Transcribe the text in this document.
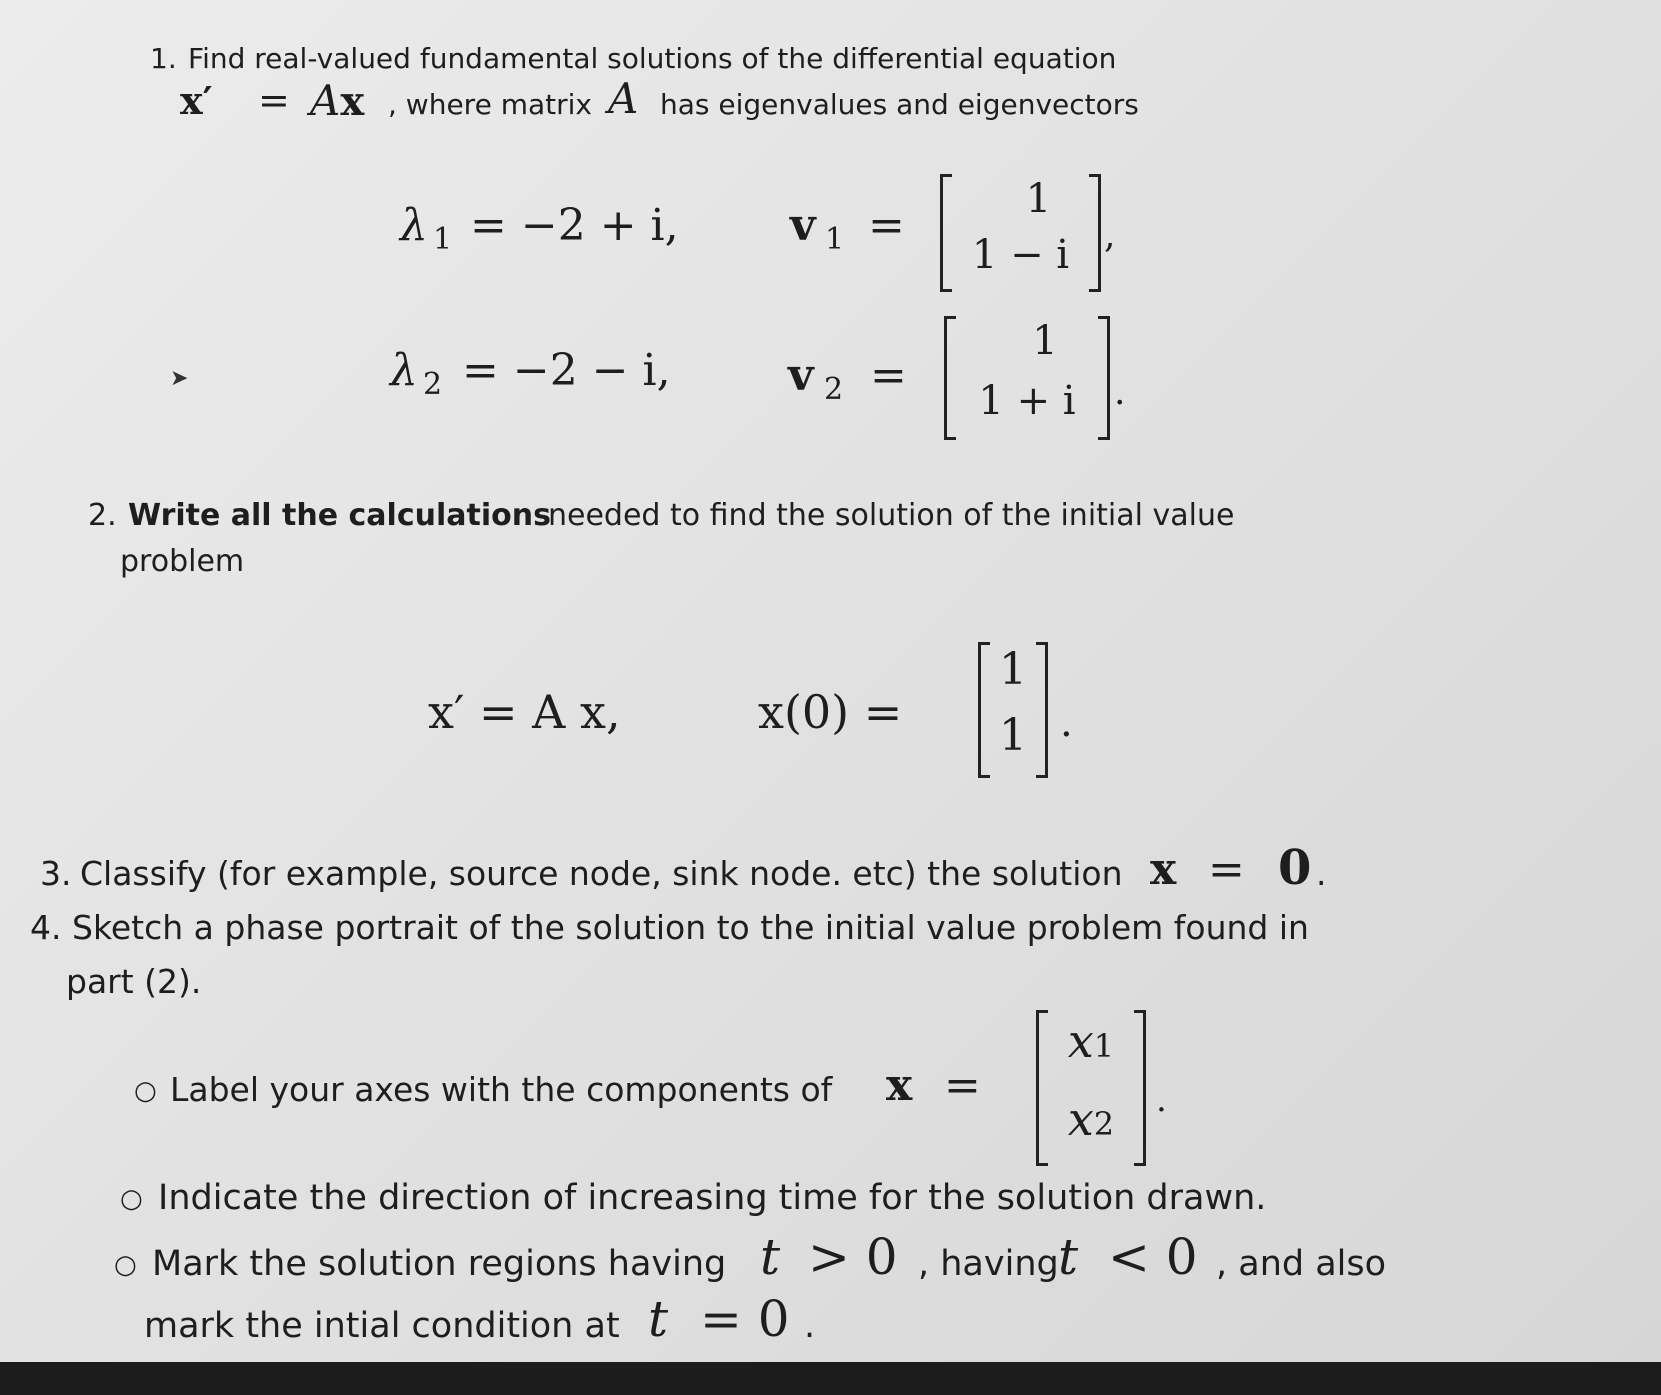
1. Find real-valued fundamental solutions of the differential equation
x′ = Ax , where matrix A has eigenvalues and eigenvectors
λ 1 = −2 + i,	v 1 =
1
1 − i ,
➤	λ 2 = −2 − i,	v 2 =
1
1 + i	.
2. Write all the calculations
needed to find the solution of the initial value
problem
x′ = A x,	x(0) =
1
1 .
3. Classify (for example, source node, sink node. etc) the solution x = 0 .
4. Sketch a phase portrait of the solution to the initial value problem found in
part (2).
○ Label your axes with the components of x =
x1
x2
.
○ Indicate the direction of increasing time for the solution drawn.
○ Mark the solution regions having t > 0 , having t < 0 , and also
mark the intial condition at t = 0 .
